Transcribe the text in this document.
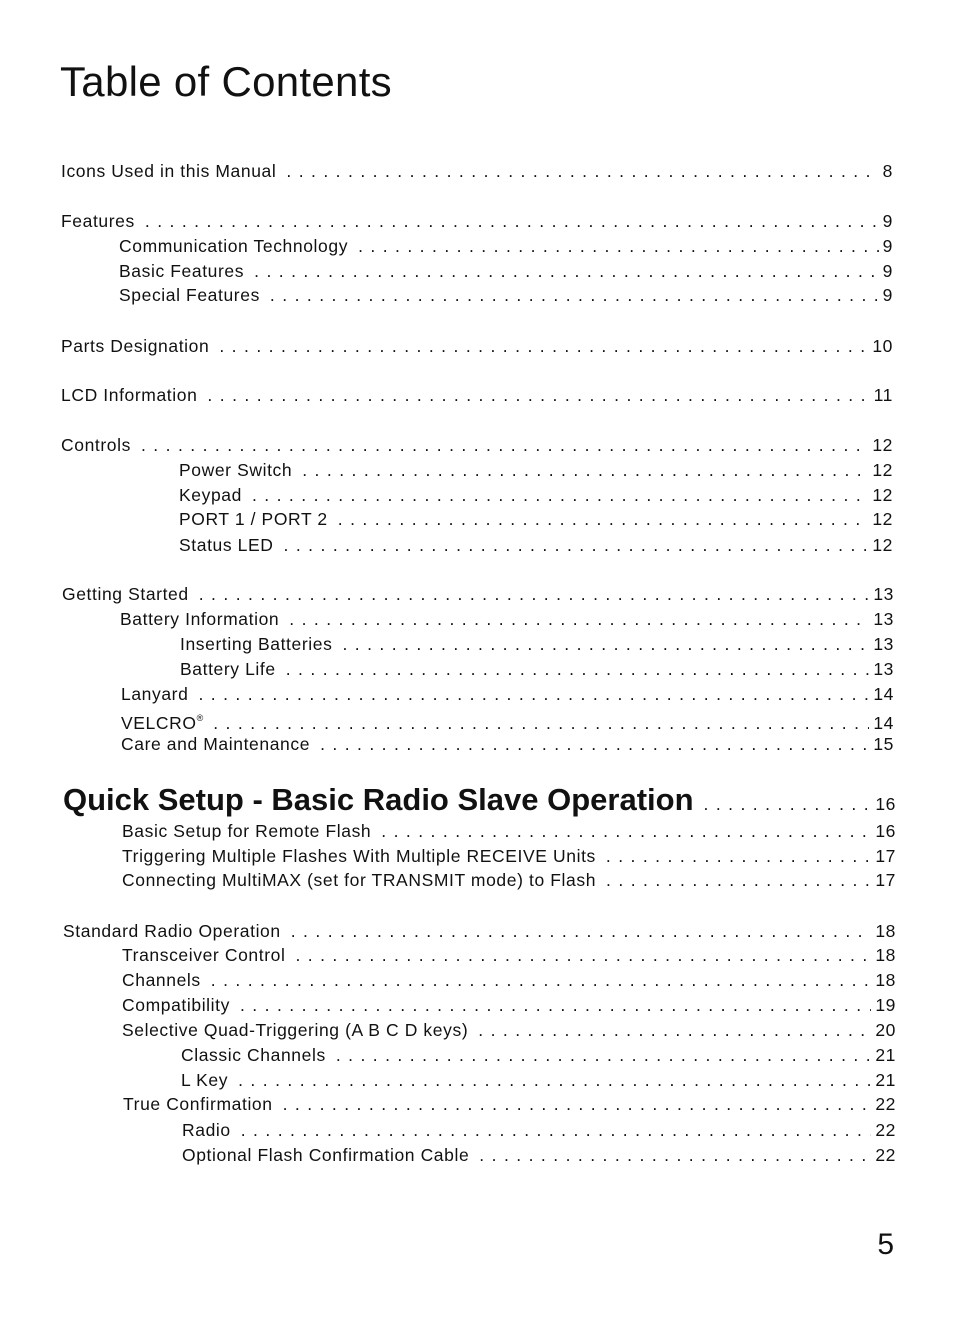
Table of Contents
Icons Used in this Manual . . .	8
Features . . .	9
Communication Technology . . .	9
Basic Features . . .	9
Special Features . . .	9
Parts Designation . . .	10
LCD Information . . .	11
Controls . . .	12
Power Switch . . .	12
Keypad . . .	12
PORT 1 / PORT 2 . . .	12
Status LED . . .	12
Getting Started . . .	13
Battery Information . . .	13
Inserting Batteries . . .	13
Battery Life . . .	13
Lanyard . . .	14
VELCRO® . . .	14
Care and Maintenance . . .	15
Quick Setup - Basic Radio Slave Operation . . .	16
Basic Setup for Remote Flash . . .	16
Triggering Multiple Flashes With Multiple RECEIVE Units . . .	17
Connecting MultiMAX (set for TRANSMIT mode) to Flash . . .	17
Standard Radio Operation . . .	18
Transceiver Control . . .	18
Channels . . .	18
Compatibility . . .	19
Selective Quad-Triggering (A B C D keys) . . .	20
Classic Channels . . .	21
L Key . . .	21
True Confirmation . . .	22
Radio . . .	22
Optional Flash Confirmation Cable . . .	22
5
